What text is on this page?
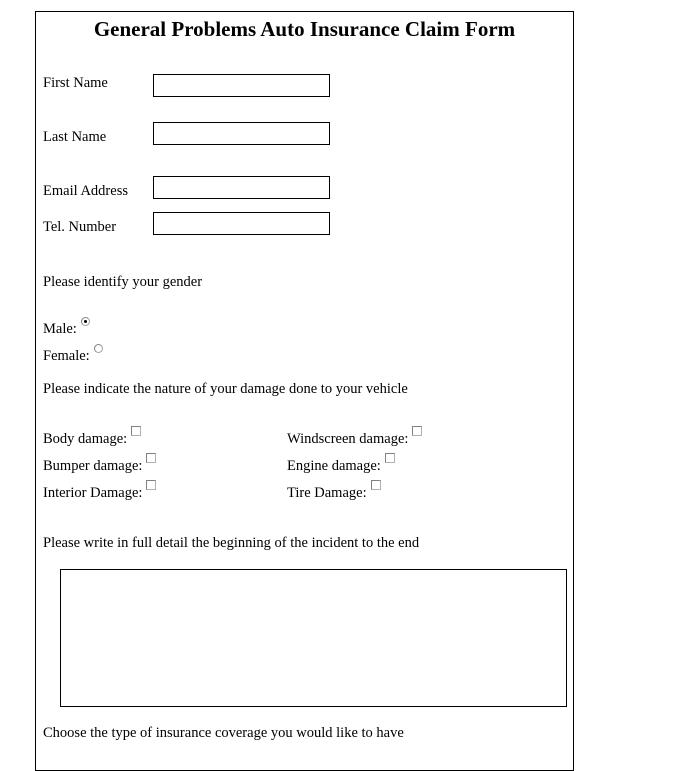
General Problems Auto Insurance Claim Form
First Name
Last Name
Email Address
Tel. Number
Please identify your gender
Male:
Female:
Please indicate the nature of your damage done to your vehicle
Body damage:	Windscreen damage:
Bumper damage:	Engine damage:
Interior Damage:	Tire Damage:
Please write in full detail the beginning of the incident to the end
Choose the type of insurance coverage you would like to have
